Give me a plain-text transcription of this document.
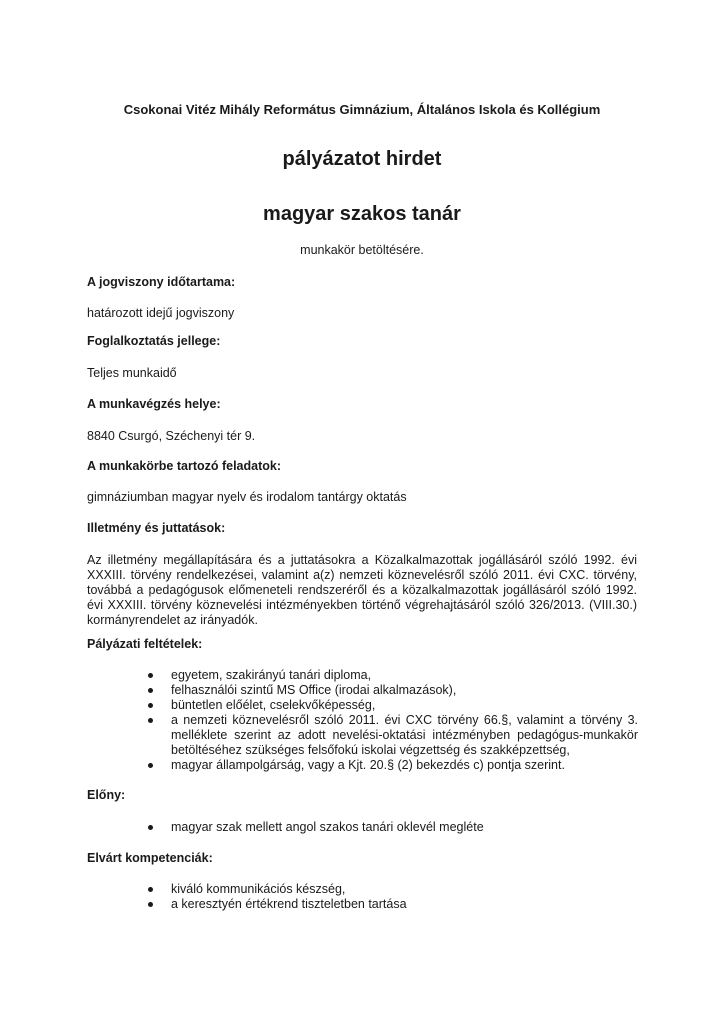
Csokonai Vitéz Mihály Református Gimnázium, Általános Iskola és Kollégium
pályázatot hirdet
magyar szakos tanár
munkakör betöltésére.
A jogviszony időtartama:
határozott idejű jogviszony
Foglalkoztatás jellege:
Teljes munkaidő
A munkavégzés helye:
8840 Csurgó, Széchenyi tér 9.
A munkakörbe tartozó feladatok:
gimnáziumban magyar nyelv és irodalom tantárgy oktatás
Illetmény és juttatások:
Az illetmény megállapítására és a juttatásokra a Közalkalmazottak jogállásáról szóló 1992. évi XXXIII. törvény rendelkezései, valamint a(z) nemzeti köznevelésről szóló 2011. évi CXC. törvény, továbbá a pedagógusok előmeneteli rendszeréről és a közalkalmazottak jogállásáról szóló 1992. évi XXXIII. törvény köznevelési intézményekben történő végrehajtásáról szóló 326/2013. (VIII.30.) kormányrendelet az irányadók.
Pályázati feltételek:
egyetem, szakirányú tanári diploma,
felhasználói szintű MS Office (irodai alkalmazások),
büntetlen előélet, cselekvőképesség,
a nemzeti köznevelésről szóló 2011. évi CXC törvény 66.§, valamint a törvény 3. melléklete szerint az adott nevelési-oktatási intézményben pedagógus-munkakör betöltéséhez szükséges felsőfokú iskolai végzettség és szakképzettség,
magyar állampolgárság, vagy a Kjt. 20.§ (2) bekezdés c) pontja szerint.
Előny:
magyar szak mellett angol szakos tanári oklevél megléte
Elvárt kompetenciák:
kiváló kommunikációs készség,
a keresztyén értékrend tiszteletben tartása
